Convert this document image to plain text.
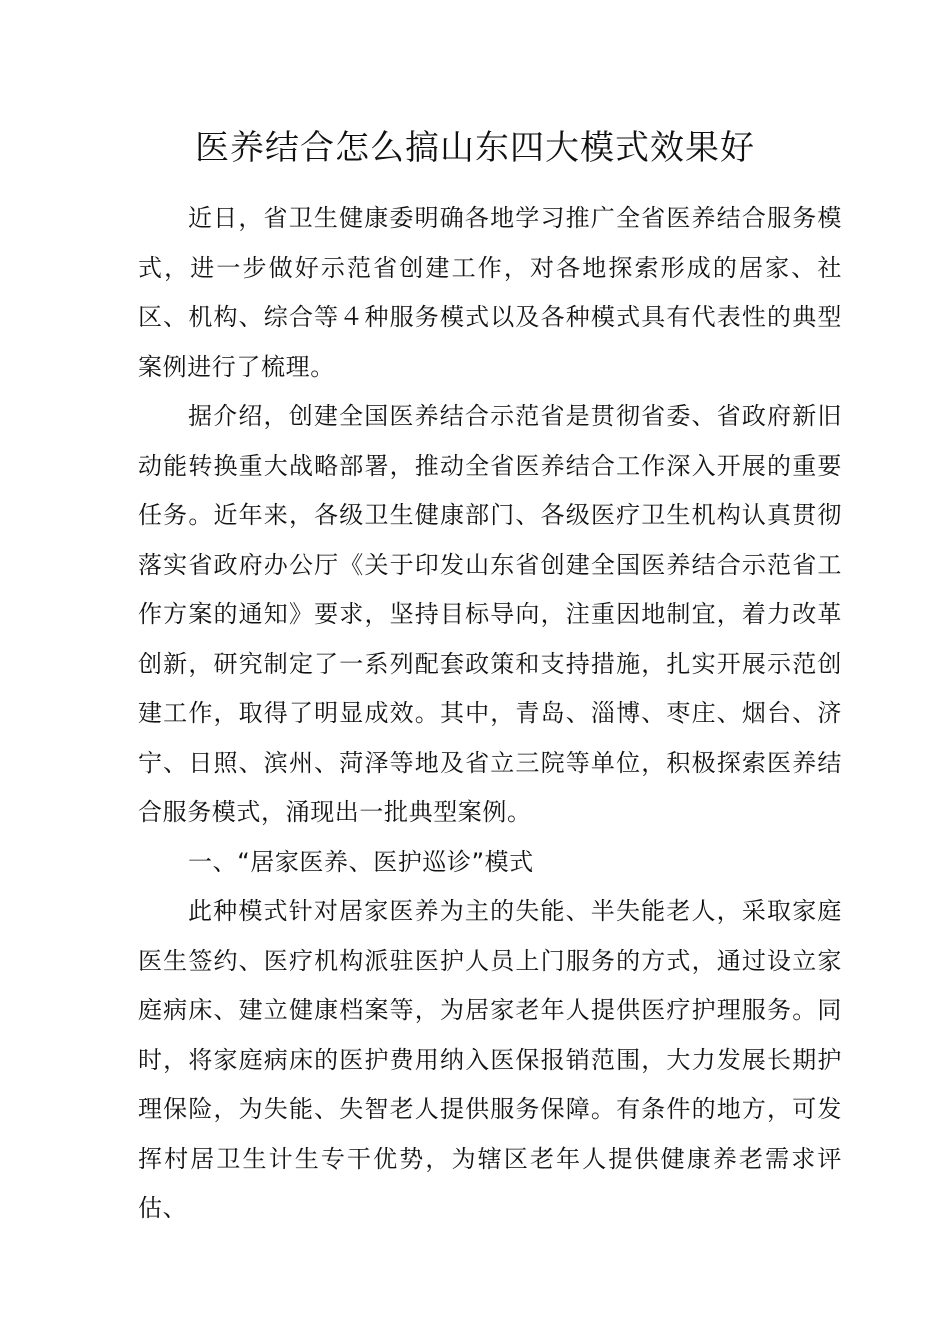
医养结合怎么搞山东四大模式效果好

近日，省卫生健康委明确各地学习推广全省医养结合服务模式，进一步做好示范省创建工作，对各地探索形成的居家、社区、机构、综合等４种服务模式以及各种模式具有代表性的典型案例进行了梳理。

据介绍，创建全国医养结合示范省是贯彻省委、省政府新旧动能转换重大战略部署，推动全省医养结合工作深入开展的重要任务。近年来，各级卫生健康部门、各级医疗卫生机构认真贯彻落实省政府办公厅《关于印发山东省创建全国医养结合示范省工作方案的通知》要求，坚持目标导向，注重因地制宜，着力改革创新，研究制定了一系列配套政策和支持措施，扎实开展示范创建工作，取得了明显成效。其中，青岛、淄博、枣庄、烟台、济宁、日照、滨州、菏泽等地及省立三院等单位，积极探索医养结合服务模式，涌现出一批典型案例。

一、“居家医养、医护巡诊”模式

此种模式针对居家医养为主的失能、半失能老人，采取家庭医生签约、医疗机构派驻医护人员上门服务的方式，通过设立家庭病床、建立健康档案等，为居家老年人提供医疗护理服务。同时，将家庭病床的医护费用纳入医保报销范围，大力发展长期护理保险，为失能、失智老人提供服务保障。有条件的地方，可发挥村居卫生计生专干优势，为辖区老年人提供健康养老需求评估、
